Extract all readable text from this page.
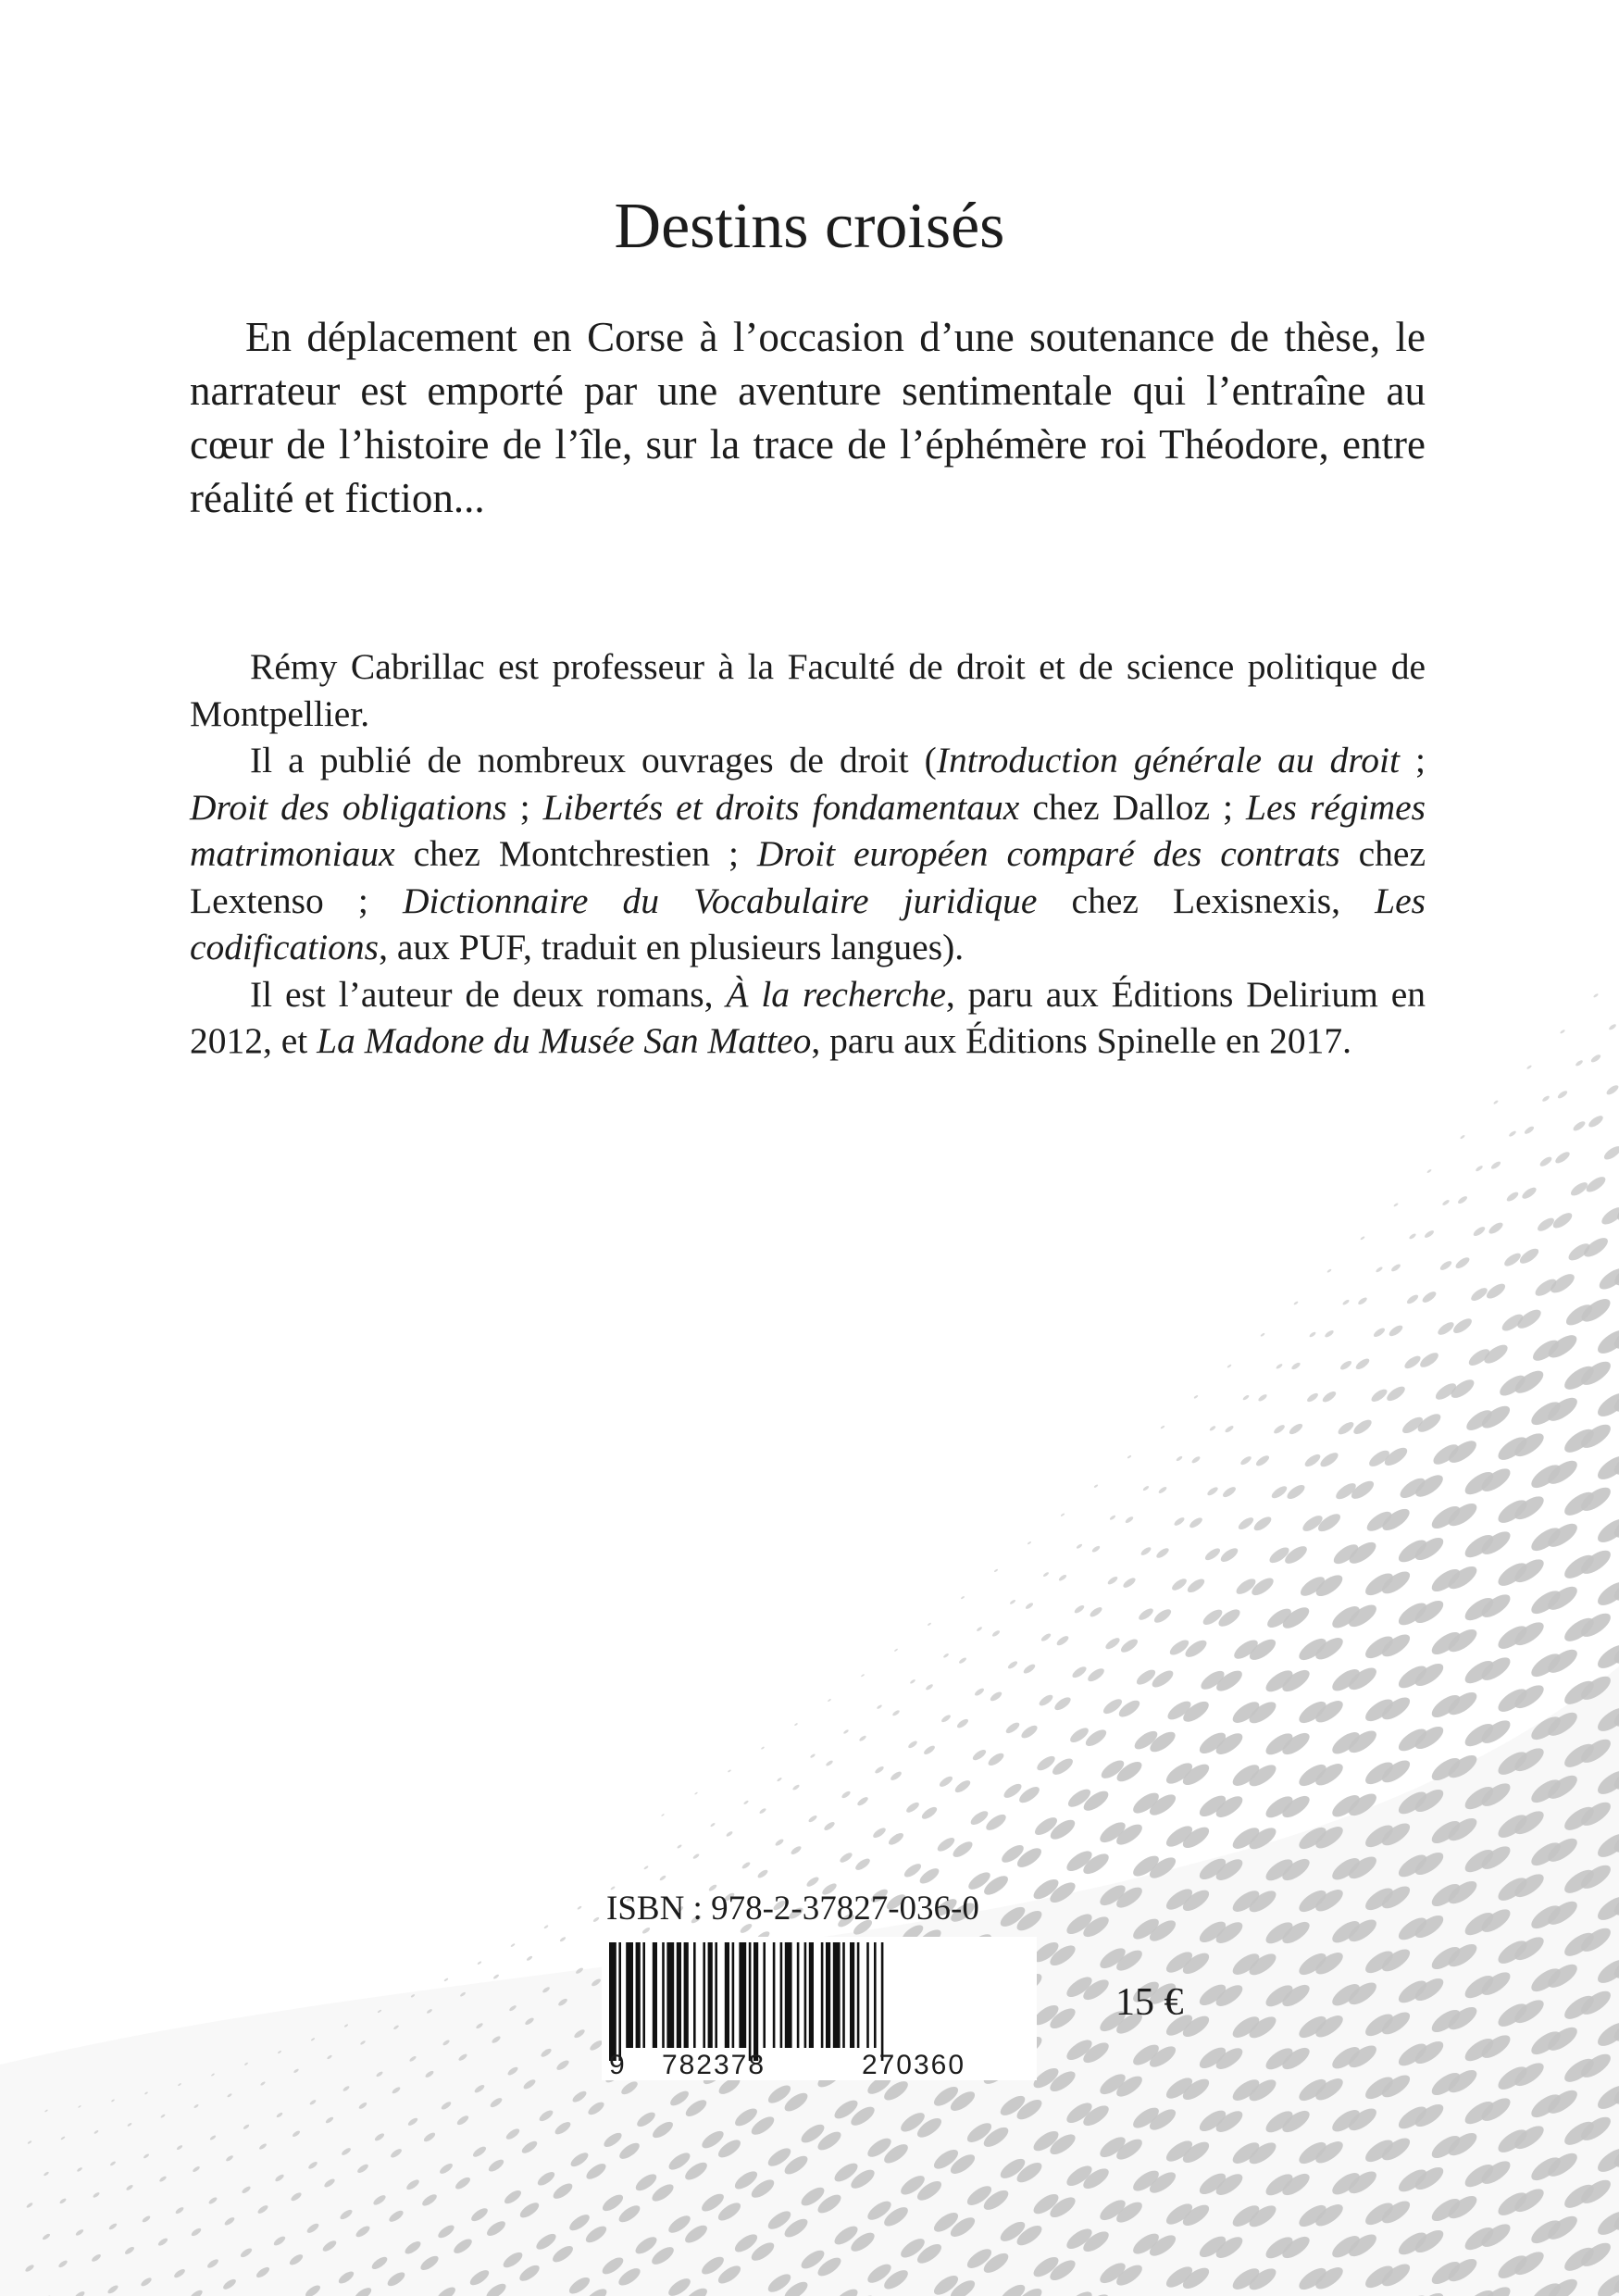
Destins croisés

En déplacement en Corse à l’occasion d’une soutenance de thèse, le narrateur est emporté par une aventure sentimentale qui l’entraîne au cœur de l’histoire de l’île, sur la trace de l’éphémère roi Théodore, entre réalité et fiction...

Rémy Cabrillac est professeur à la Faculté de droit et de science politique de Montpellier.

Il a publié de nombreux ouvrages de droit (Introduction générale au droit ; Droit des obligations ; Libertés et droits fondamentaux chez Dalloz ; Les régimes matrimoniaux chez Montchrestien ; Droit européen comparé des contrats chez Lextenso ; Dictionnaire du Vocabulaire juridique chez Lexisnexis, Les codifications, aux PUF, traduit en plusieurs langues).

Il est l’auteur de deux romans, À la recherche, paru aux Éditions Delirium en 2012, et La Madone du Musée San Matteo, paru aux Éditions Spinelle en 2017.

ISBN : 978-2-37827-036-0
9 782378	270360
15 €
